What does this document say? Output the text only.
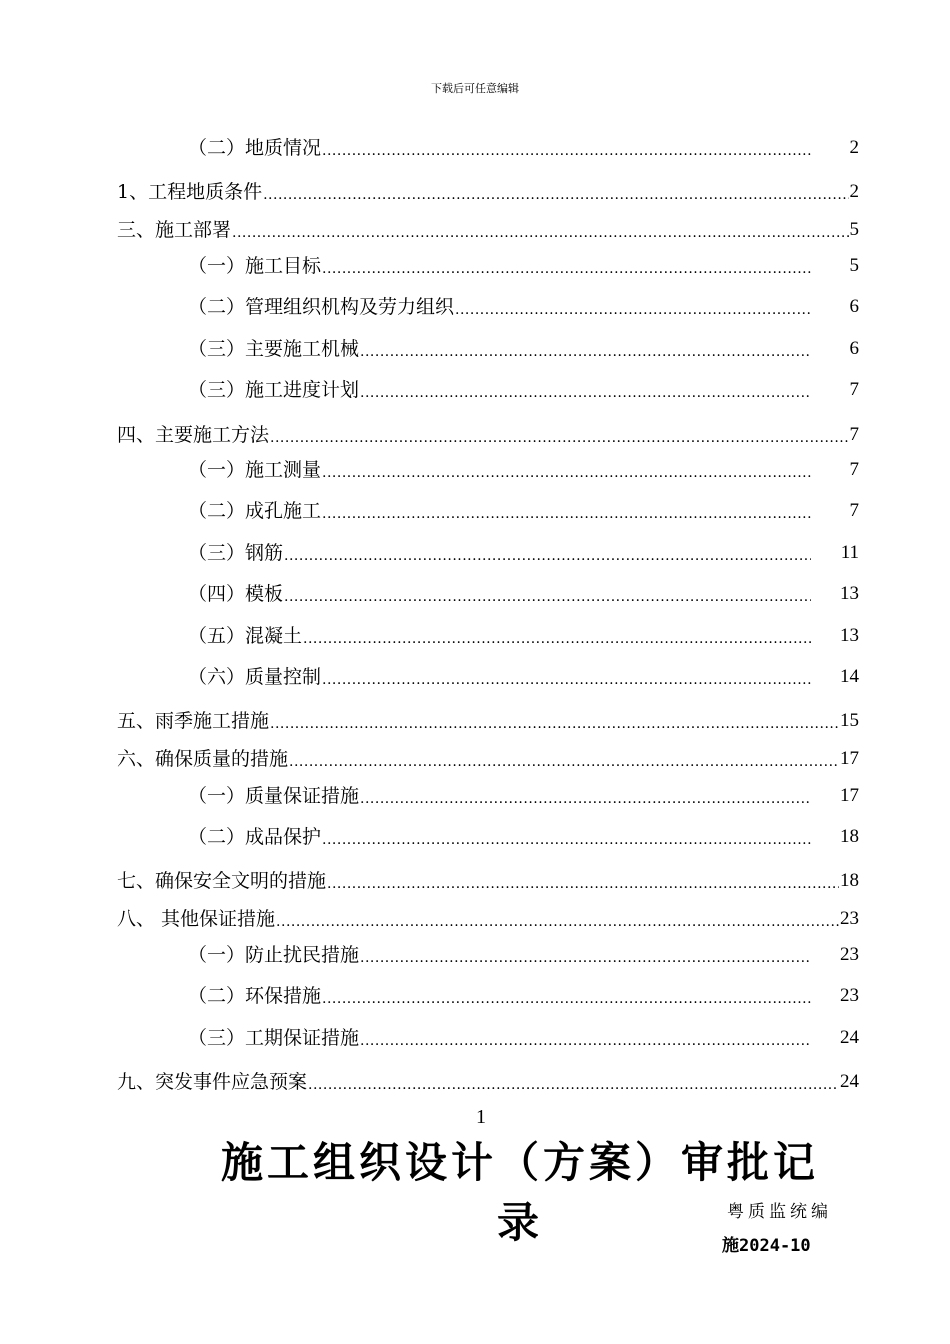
下载后可任意编辑
（二）地质情况 .....	2
1、工程地质条件 .....	2
三、施工部署 .....	5
（一）施工目标 .....	5
（二）管理组织机构及劳力组织 .....	6
（三）主要施工机械 .....	6
（三）施工进度计划 .....	7
四、主要施工方法 .....	7
（一）施工测量 .....	7
（二）成孔施工 .....	7
（三）钢筋 .....	11
（四）模板 .....	13
（五）混凝土 .....	13
（六）质量控制 .....	14
五、雨季施工措施 .....	15
六、确保质量的措施 .....	17
（一）质量保证措施 .....	17
（二）成品保护 .....	18
七、确保安全文明的措施 .....	18
八、 其他保证措施 .....	23
（一）防止扰民措施 .....	23
（二）环保措施 .....	23
（三）工期保证措施 .....	24
九、突发事件应急预案 .....	24
1
施工组织设计（方案）审批记录	粤质监统编
施2024-10
